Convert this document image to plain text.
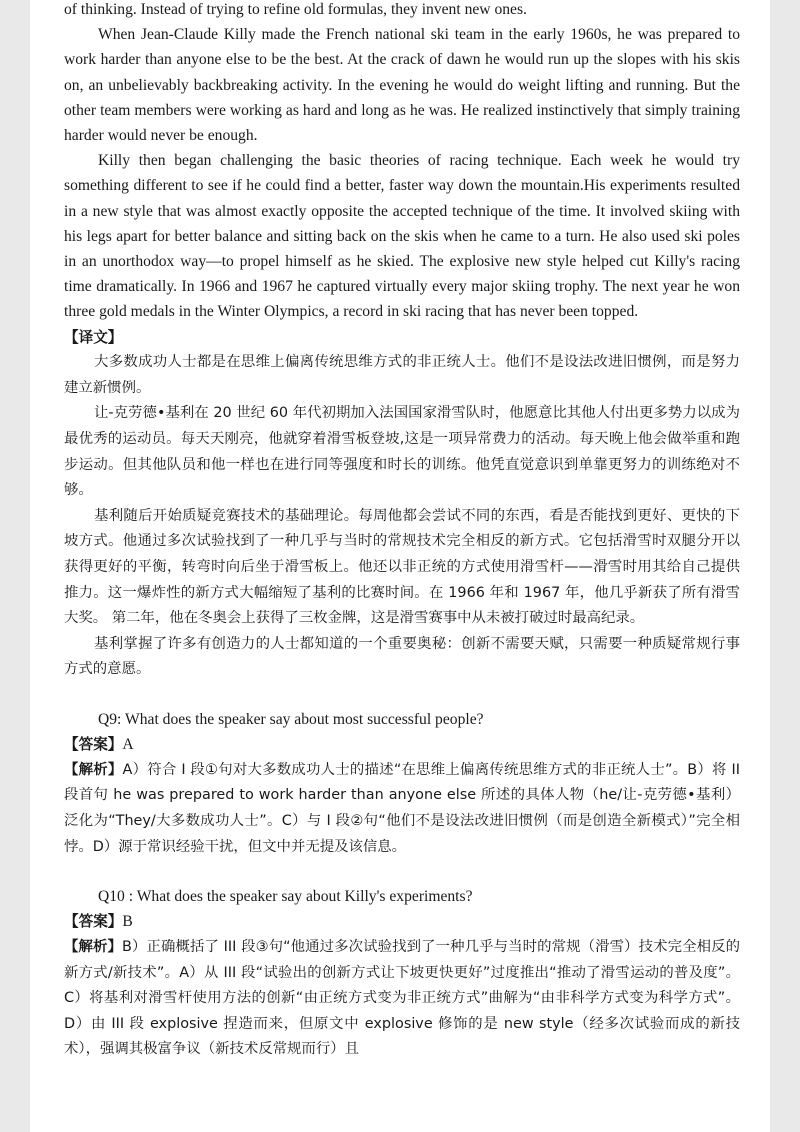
of thinking. Instead of trying to refine old formulas, they invent new ones.

When Jean-Claude Killy made the French national ski team in the early 1960s, he was prepared to work harder than anyone else to be the best. At the crack of dawn he would run up the slopes with his skis on, an unbelievably backbreaking activity. In the evening he would do weight lifting and running. But the other team members were working as hard and long as he was. He realized instinctively that simply training harder would never be enough.

Killy then began challenging the basic theories of racing technique. Each week he would try something different to see if he could find a better, faster way down the mountain.His experiments resulted in a new style that was almost exactly opposite the accepted technique of the time. It involved skiing with his legs apart for better balance and sitting back on the skis when he came to a turn. He also used ski poles in an unorthodox way—to propel himself as he skied. The explosive new style helped cut Killy's racing time dramatically. In 1966 and 1967 he captured virtually every major skiing trophy. The next year he won three gold medals in the Winter Olympics, a record in ski racing that has never been topped.

【译文】

大多数成功人士都是在思维上偏离传统思维方式的非正统人士。他们不是设法改进旧惯例，而是努力建立新惯例。

让-克劳德•基利在 20 世纪 60 年代初期加入法国国家滑雪队时，他愿意比其他人付出更多势力以成为最优秀的运动员。每天天刚亮，他就穿着滑雪板登坡,这是一项异常费力的活动。每天晚上他会做举重和跑步运动。但其他队员和他一样也在进行同等强度和时长的训练。他凭直觉意识到单靠更努力的训练绝对不够。

基利随后开始质疑竞赛技术的基础理论。每周他都会尝试不同的东西，看是否能找到更好、更快的下坡方式。他通过多次试验找到了一种几乎与当时的常规技术完全相反的新方式。它包括滑雪时双腿分开以获得更好的平衡，转弯时向后坐于滑雪板上。他还以非正统的方式使用滑雪杆——滑雪时用其给自己提供推力。这一爆炸性的新方式大幅缩短了基利的比赛时间。在 1966 年和 1967 年，他几乎新获了所有滑雪大奖。 第二年，他在冬奥会上获得了三枚金牌，这是滑雪赛事中从未被打破过时最高纪录。

基利掌握了许多有创造力的人士都知道的一个重要奥秘：创新不需要天赋，只需要一种质疑常规行事方式的意愿。

Q9: What does the speaker say about most successful people?

【答案】A

【解析】A）符合 I 段①句对大多数成功人士的描述“在思维上偏离传统思维方式的非正统人士”。B）将 II 段首句 he was prepared to work harder than anyone else 所述的具体人物（he/让-克劳德•基利）泛化为“They/大多数成功人士”。C）与 I 段②句“他们不是设法改进旧惯例（而是创造全新模式）”完全相悖。D）源于常识经验干扰，但文中并无提及该信息。

Q10 : What does the speaker say about Killy's experiments?

【答案】B

【解析】B）正确概括了 III 段③句“他通过多次试验找到了一种几乎与当时的常规（滑雪）技术完全相反的新方式/新技术”。A）从 III 段“试验出的创新方式让下坡更快更好”过度推出“推动了滑雪运动的普及度”。C）将基利对滑雪杆使用方法的创新“由正统方式变为非正统方式”曲解为“由非科学方式变为科学方式”。D）由 III 段 explosive 捏造而来，但原文中 explosive 修饰的是 new style（经多次试验而成的新技术），强调其极富争议（新技术反常规而行）且
